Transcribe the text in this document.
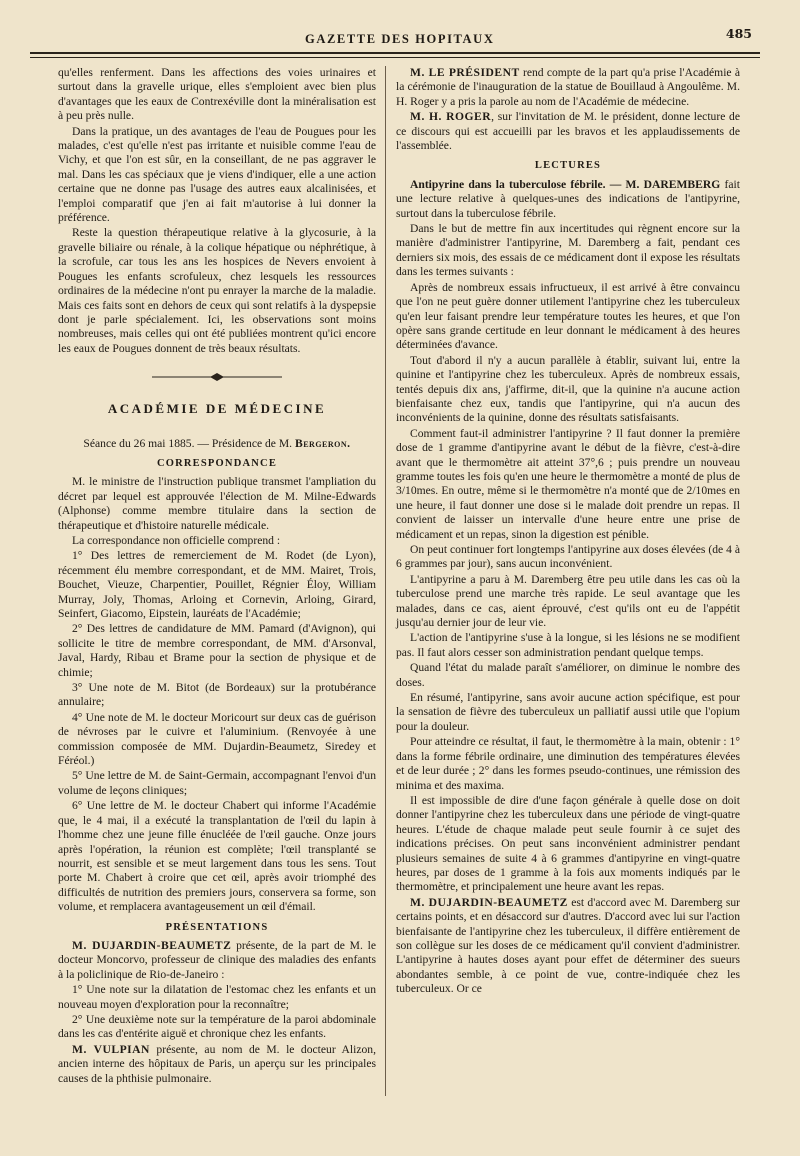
GAZETTE DES HOPITAUX	485

qu'elles renferment. Dans les affections des voies urinaires et surtout dans la gravelle urique, elles s'emploient avec bien plus d'avantages que les eaux de Contrexéville dont la minéralisation est à peu près nulle.

Dans la pratique, un des avantages de l'eau de Pougues pour les malades, c'est qu'elle n'est pas irritante et nuisible comme l'eau de Vichy, et que l'on est sûr, en la conseillant, de ne pas aggraver le mal. Dans les cas spéciaux que je viens d'indiquer, elle a une action certaine que ne donne pas l'usage des autres eaux alcalinisées, et l'emploi comparatif que j'en ai fait m'autorise à lui donner la préférence.

Reste la question thérapeutique relative à la glycosurie, à la gravelle biliaire ou rénale, à la colique hépatique ou néphrétique, à la scrofule, car tous les ans les hospices de Nevers envoient à Pougues les enfants scrofuleux, chez lesquels les ressources ordinaires de la médecine n'ont pu enrayer la marche de la maladie. Mais ces faits sont en dehors de ceux qui sont relatifs à la dyspepsie dont je parle spécialement. Ici, les observations sont moins nombreuses, mais celles qui ont été publiées montrent qu'ici encore les eaux de Pougues donnent de très beaux résultats.

ACADÉMIE DE MÉDECINE

Séance du 26 mai 1885. — Présidence de M. Bergeron.

CORRESPONDANCE

M. le ministre de l'instruction publique transmet l'ampliation du décret par lequel est approuvée l'élection de M. Milne-Edwards (Alphonse) comme membre titulaire dans la section de thérapeutique et d'histoire naturelle médicale.

La correspondance non officielle comprend :

1° Des lettres de remerciement de M. Rodet (de Lyon), récemment élu membre correspondant, et de MM. Mairet, Trois, Bouchet, Vieuze, Charpentier, Pouillet, Régnier Éloy, William Murray, Joly, Thomas, Arloing et Cornevin, Arloing, Girard, Seinfert, Giacomo, Eipstein, lauréats de l'Académie;

2° Des lettres de candidature de MM. Pamard (d'Avignon), qui sollicite le titre de membre correspondant, de MM. d'Arsonval, Javal, Hardy, Ribau et Brame pour la section de physique et de chimie;

3° Une note de M. Bitot (de Bordeaux) sur la protubérance annulaire;

4° Une note de M. le docteur Moricourt sur deux cas de guérison de névroses par le cuivre et l'aluminium. (Renvoyée à une commission composée de MM. Dujardin-Beaumetz, Siredey et Féréol.)

5° Une lettre de M. de Saint-Germain, accompagnant l'envoi d'un volume de leçons cliniques;

6° Une lettre de M. le docteur Chabert qui informe l'Académie que, le 4 mai, il a exécuté la transplantation de l'œil du lapin à l'homme chez une jeune fille énucléée de l'œil gauche. Onze jours après l'opération, la réunion est complète; l'œil transplanté se nourrit, est sensible et se meut largement dans tous les sens. Tout porte M. Chabert à croire que cet œil, après avoir triomphé des difficultés de nutrition des premiers jours, conservera sa forme, son volume, et remplacera avantageusement un œil d'émail.

PRÉSENTATIONS

M. DUJARDIN-BEAUMETZ présente, de la part de M. le docteur Moncorvo, professeur de clinique des maladies des enfants à la policlinique de Rio-de-Janeiro :

1° Une note sur la dilatation de l'estomac chez les enfants et un nouveau moyen d'exploration pour la reconnaître;

2° Une deuxième note sur la température de la paroi abdominale dans les cas d'entérite aiguë et chronique chez les enfants.

M. VULPIAN présente, au nom de M. le docteur Alizon, ancien interne des hôpitaux de Paris, un aperçu sur les principales causes de la phthisie pulmonaire.

M. LE PRÉSIDENT rend compte de la part qu'a prise l'Académie à la cérémonie de l'inauguration de la statue de Bouillaud à Angoulême. M. H. Roger y a pris la parole au nom de l'Académie de médecine.

M. H. ROGER, sur l'invitation de M. le président, donne lecture de ce discours qui est accueilli par les bravos et les applaudissements de l'assemblée.

LECTURES

Antipyrine dans la tuberculose fébrile. — M. DAREMBERG fait une lecture relative à quelques-unes des indications de l'antipyrine, surtout dans la tuberculose fébrile.

Dans le but de mettre fin aux incertitudes qui règnent encore sur la manière d'administrer l'antipyrine, M. Daremberg a fait, pendant ces derniers six mois, des essais de ce médicament dont il expose les résultats dans les termes suivants :

Après de nombreux essais infructueux, il est arrivé à être convaincu que l'on ne peut guère donner utilement l'antipyrine chez les tuberculeux qu'en leur faisant prendre leur température toutes les heures, et que l'on opère sans grande certitude en leur donnant le médicament à des heures déterminées d'avance.

Tout d'abord il n'y a aucun parallèle à établir, suivant lui, entre la quinine et l'antipyrine chez les tuberculeux. Après de nombreux essais, tentés depuis dix ans, j'affirme, dit-il, que la quinine n'a aucune action bienfaisante chez eux, tandis que l'antipyrine, qui n'a aucun des inconvénients de la quinine, donne des résultats satisfaisants.

Comment faut-il administrer l'antipyrine ? Il faut donner la première dose de 1 gramme d'antipyrine avant le début de la fièvre, c'est-à-dire avant que le thermomètre ait atteint 37°,6 ; puis prendre un nouveau gramme toutes les fois qu'en une heure le thermomètre a monté de plus de 3/10mes. En outre, même si le thermomètre n'a monté que de 2/10mes en une heure, il faut donner une dose si le malade doit prendre un repas. Il convient de laisser un intervalle d'une heure entre une prise de médicament et un repas, sinon la digestion est pénible.

On peut continuer fort longtemps l'antipyrine aux doses élevées (de 4 à 6 grammes par jour), sans aucun inconvénient.

L'antipyrine a paru à M. Daremberg être peu utile dans les cas où la tuberculose prend une marche très rapide. Le seul avantage que les malades, dans ce cas, aient éprouvé, c'est qu'ils ont eu de l'appétit jusqu'au dernier jour de leur vie.

L'action de l'antipyrine s'use à la longue, si les lésions ne se modifient pas. Il faut alors cesser son administration pendant quelque temps.

Quand l'état du malade paraît s'améliorer, on diminue le nombre des doses.

En résumé, l'antipyrine, sans avoir aucune action spécifique, est pour la sensation de fièvre des tuberculeux un palliatif aussi utile que l'opium pour la douleur.

Pour atteindre ce résultat, il faut, le thermomètre à la main, obtenir : 1° dans la forme fébrile ordinaire, une diminution des températures élevées et de leur durée ; 2° dans les formes pseudo-continues, une rémission des minima et des maxima.

Il est impossible de dire d'une façon générale à quelle dose on doit donner l'antipyrine chez les tuberculeux dans une période de vingt-quatre heures. L'étude de chaque malade peut seule fournir à ce sujet des indications précises. On peut sans inconvénient administrer pendant plusieurs semaines de suite 4 à 6 grammes d'antipyrine en vingt-quatre heures, par doses de 1 gramme à la fois aux moments indiqués par le thermomètre, et principalement une heure avant les repas.

M. DUJARDIN-BEAUMETZ est d'accord avec M. Daremberg sur certains points, et en désaccord sur d'autres. D'accord avec lui sur l'action bienfaisante de l'antipyrine chez les tuberculeux, il diffère entièrement de son collègue sur les doses de ce médicament qu'il convient d'administrer. L'antipyrine à hautes doses ayant pour effet de déterminer des sueurs abondantes semble, à ce point de vue, contre-indiquée chez les tuberculeux. Or ce
